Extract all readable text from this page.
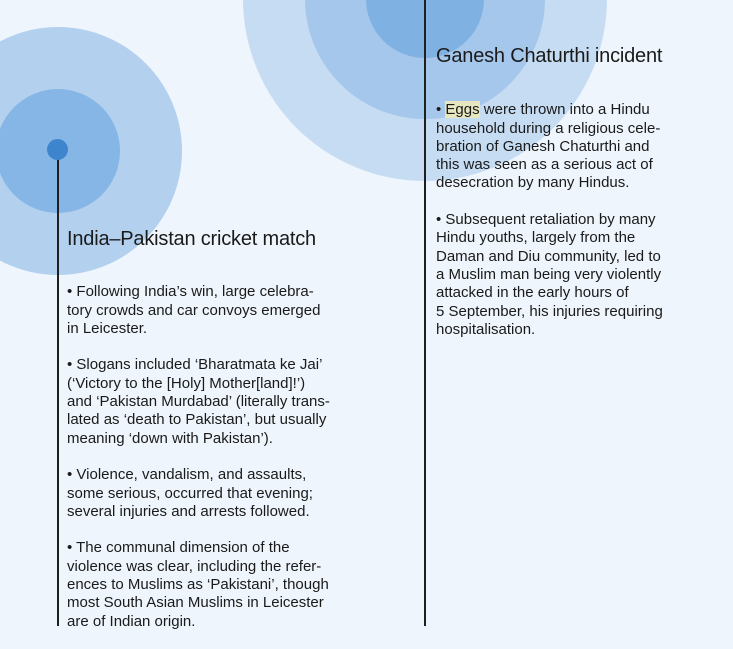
India–Pakistan cricket match

• Following India’s win, large celebra-
tory crowds and car convoys emerged
in Leicester.

• Slogans included ‘Bharatmata ke Jai’
(‘Victory to the [Holy] Mother[land]!’)
and ‘Pakistan Murdabad’ (literally trans-
lated as ‘death to Pakistan’, but usually
meaning ‘down with Pakistan’).

• Violence, vandalism, and assaults,
some serious, occurred that evening;
several injuries and arrests followed.

• The communal dimension of the
violence was clear, including the refer-
ences to Muslims as ‘Pakistani’, though
most South Asian Muslims in Leicester
are of Indian origin.

Ganesh Chaturthi incident

• Eggs were thrown into a Hindu
household during a religious cele-
bration of Ganesh Chaturthi and
this was seen as a serious act of
desecration by many Hindus.

• Subsequent retaliation by many
Hindu youths, largely from the
Daman and Diu community, led to
a Muslim man being very violently
attacked in the early hours of
5 September, his injuries requiring
hospitalisation.
